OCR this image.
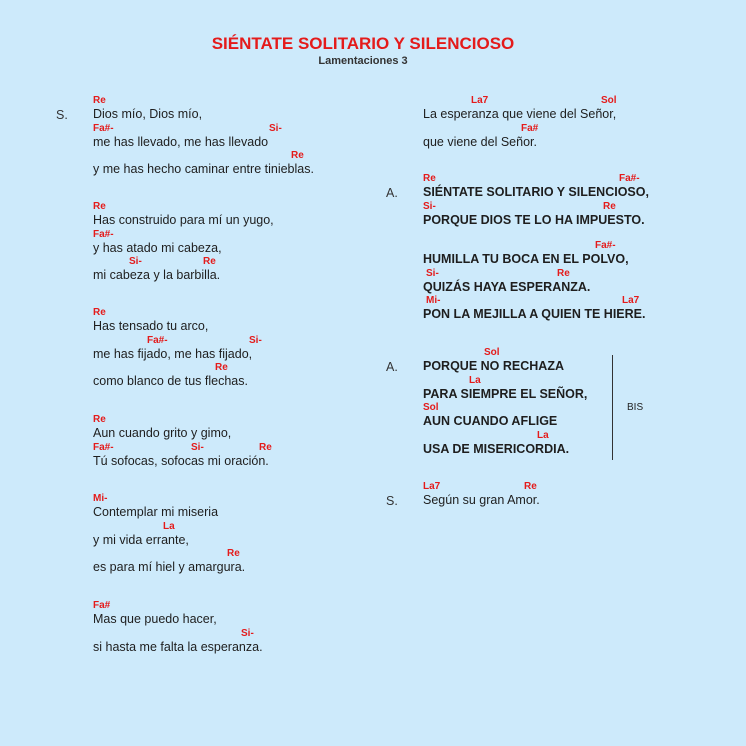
SIÉNTATE SOLITARIO Y SILENCIOSO
Lamentaciones 3
S.
Re
Dios mío, Dios mío,
Fa#-	Si-
me has llevado, me has llevado
Re
y me has hecho caminar entre tinieblas.
Re
Has construido para mí un yugo,
Fa#-
y has atado mi cabeza,
Si-	Re
mi cabeza y la barbilla.
Re
Has tensado tu arco,
Fa#-	Si-
me has fijado, me has fijado,
Re
como blanco de tus flechas.
Re
Aun cuando grito y gimo,
Fa#-	Si-	Re
Tú sofocas, sofocas mi oración.
Mi-
Contemplar mi miseria
La
y mi vida errante,
Re
es para mí hiel y amargura.
Fa#
Mas que puedo hacer,
Si-
si hasta me falta la esperanza.
La7	Sol
La esperanza que viene del Señor,
Fa#
que viene del Señor.
A.
Re	Fa#-
SIÉNTATE SOLITARIO Y SILENCIOSO,
Si-	Re
PORQUE DIOS TE LO HA IMPUESTO.
Fa#-
HUMILLA TU BOCA EN EL POLVO,
Si-	Re
QUIZÁS HAYA ESPERANZA.
Mi-	La7
PON LA MEJILLA A QUIEN TE HIERE.
A.
Sol
PORQUE NO RECHAZA
La
PARA SIEMPRE EL SEÑOR,
Sol
AUN CUANDO AFLIGE
La
USA DE MISERICORDIA.
BIS
S.
La7	Re
Según su gran Amor.
